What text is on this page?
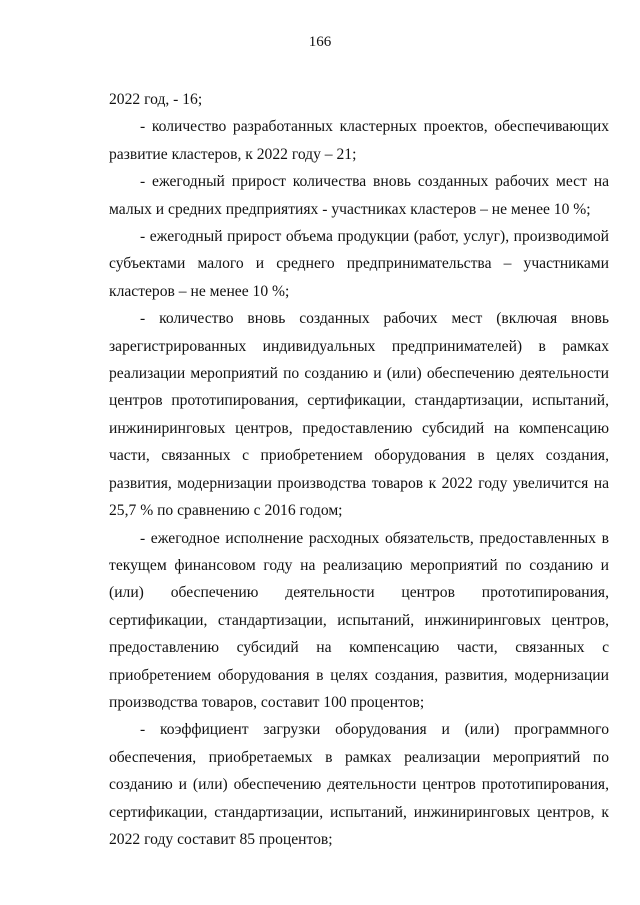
166

2022 год, - 16;

- количество разработанных кластерных проектов, обеспечивающих развитие кластеров, к 2022 году – 21;

- ежегодный прирост количества вновь созданных рабочих мест на малых и средних предприятиях - участниках кластеров – не менее 10 %;

- ежегодный прирост объема продукции (работ, услуг), производимой субъектами малого и среднего предпринимательства – участниками кластеров – не менее 10 %;

- количество вновь созданных рабочих мест (включая вновь зарегистрированных индивидуальных предпринимателей) в рамках реализации мероприятий по созданию и (или) обеспечению деятельности центров прототипирования, сертификации, стандартизации, испытаний, инжиниринговых центров, предоставлению субсидий на компенсацию части, связанных с приобретением оборудования в целях создания, развития, модернизации производства товаров к 2022 году увеличится на 25,7 % по сравнению с 2016 годом;

- ежегодное исполнение расходных обязательств, предоставленных в текущем финансовом году на реализацию мероприятий по созданию и (или) обеспечению деятельности центров прототипирования, сертификации, стандартизации, испытаний, инжиниринговых центров, предоставлению субсидий на компенсацию части, связанных с приобретением оборудования в целях создания, развития, модернизации производства товаров, составит 100 процентов;

- коэффициент загрузки оборудования и (или) программного обеспечения, приобретаемых в рамках реализации мероприятий по созданию и (или) обеспечению деятельности центров прототипирования, сертификации, стандартизации, испытаний, инжиниринговых центров, к 2022 году составит 85 процентов;
